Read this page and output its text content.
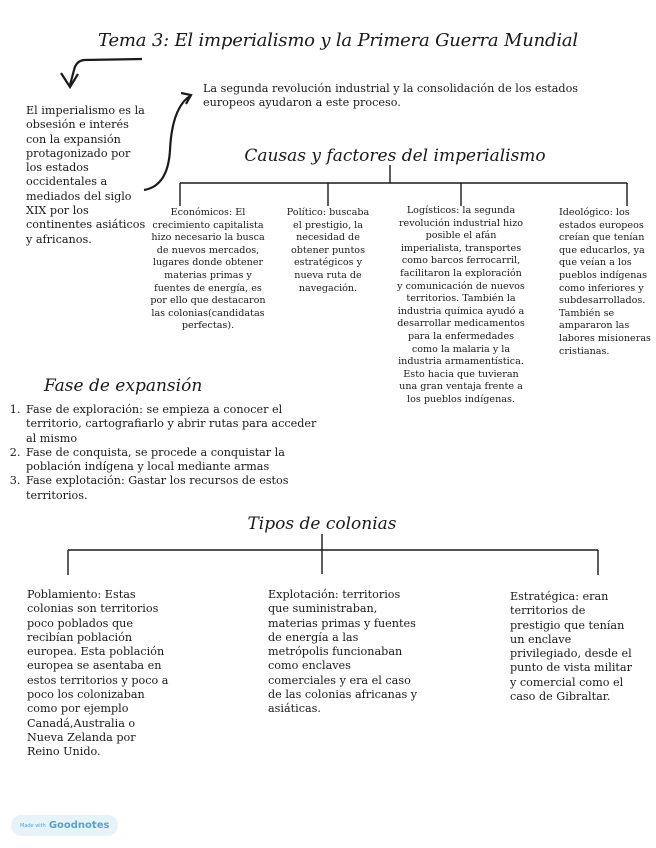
Tema 3: El imperialismo y la Primera Guerra Mundial
El imperialismo es la obsesión e interés con la expansión protagonizado por los estados occidentales a mediados del siglo XIX por los continentes asiáticos y africanos.
La segunda revolución industrial y la consolidación de los estados europeos ayudaron a este proceso.
Causas y factores del imperialismo
Económicos: El crecimiento capitalista hizo necesario la busca de nuevos mercados, lugares donde obtener materias primas y fuentes de energía, es por ello que destacaron las colonias(candidatas perfectas).
Político: buscaba el prestigio, la necesidad de obtener puntos estratégicos y nueva ruta de navegación.
Logísticos: la segunda revolución industrial hizo posible el afán imperialista, transportes como barcos ferrocarril, facilitaron la exploración y comunicación de nuevos territorios. También la industria química ayudó a desarrollar medicamentos para la enfermedades como la malaria y la industria armamentística. Esto hacia que tuvieran una gran ventaja frente a los pueblos indígenas.
Ideológico: los estados europeos creían que tenían que educarlos, ya que veían a los pueblos indígenas como inferiores y subdesarrollados. También se ampararon las labores misioneras cristianas.
Fase de expansión
1. Fase de exploración: se empieza a conocer el territorio, cartografiarlo y abrir rutas para acceder al mismo
2. Fase de conquista, se procede a conquistar la población indígena y local mediante armas
3. Fase explotación: Gastar los recursos de estos territorios.
Tipos de colonias
Poblamiento: Estas colonias son territorios poco poblados que recibían población europea. Esta población europea se asentaba en estos territorios y poco a poco los colonizaban como por ejemplo Canadá,Australia o Nueva Zelanda por Reino Unido.
Explotación: territorios que suministraban, materias primas y fuentes de energía a las metrópolis funcionaban como enclaves comerciales y era el caso de las colonias africanas y asiáticas.
Estratégica: eran territorios de prestigio que tenían un enclave privilegiado, desde el punto de vista militar y comercial como el caso de Gibraltar.
Made with Goodnotes
